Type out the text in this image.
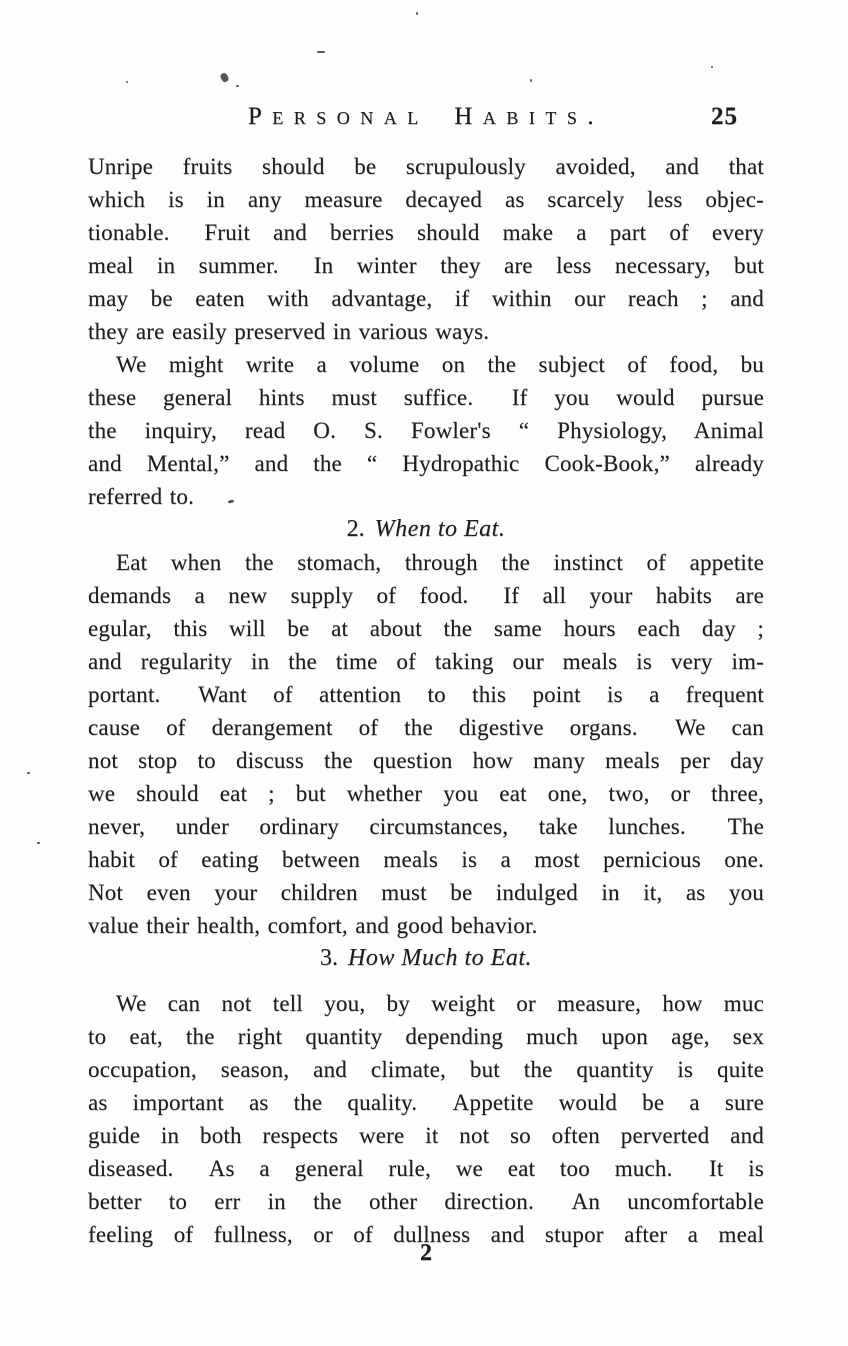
Personal Habits.	25
Unripe fruits should be scrupulously avoided, and that
which is in any measure decayed as scarcely less objec-
tionable.  Fruit and berries should make a part of every
meal in summer.  In winter they are less necessary, but
may be eaten with advantage, if within our reach ; and
they are easily preserved in various ways.
We might write a volume on the subject of food, bu
these general hints must suffice.  If you would pursue
the inquiry, read O. S. Fowler's “ Physiology, Animal
and Mental,” and the “ Hydropathic Cook-Book,” already
referred to.
2. When to Eat.
Eat when the stomach, through the instinct of appetite
demands a new supply of food.  If all your habits are
egular, this will be at about the same hours each day ;
and regularity in the time of taking our meals is very im-
portant.  Want of attention to this point is a frequent
cause of derangement of the digestive organs.  We can
not stop to discuss the question how many meals per day
we should eat ; but whether you eat one, two, or three,
never, under ordinary circumstances, take lunches.  The
habit of eating between meals is a most pernicious one.
Not even your children must be indulged in it, as you
value their health, comfort, and good behavior.
3. How Much to Eat.
We can not tell you, by weight or measure, how muc
to eat, the right quantity depending much upon age, sex
occupation, season, and climate, but the quantity is quite
as important as the quality.  Appetite would be a sure
guide in both respects were it not so often perverted and
diseased.  As a general rule, we eat too much.  It is
better to err in the other direction.  An uncomfortable
feeling of fullness, or of dullness and stupor after a meal
2
